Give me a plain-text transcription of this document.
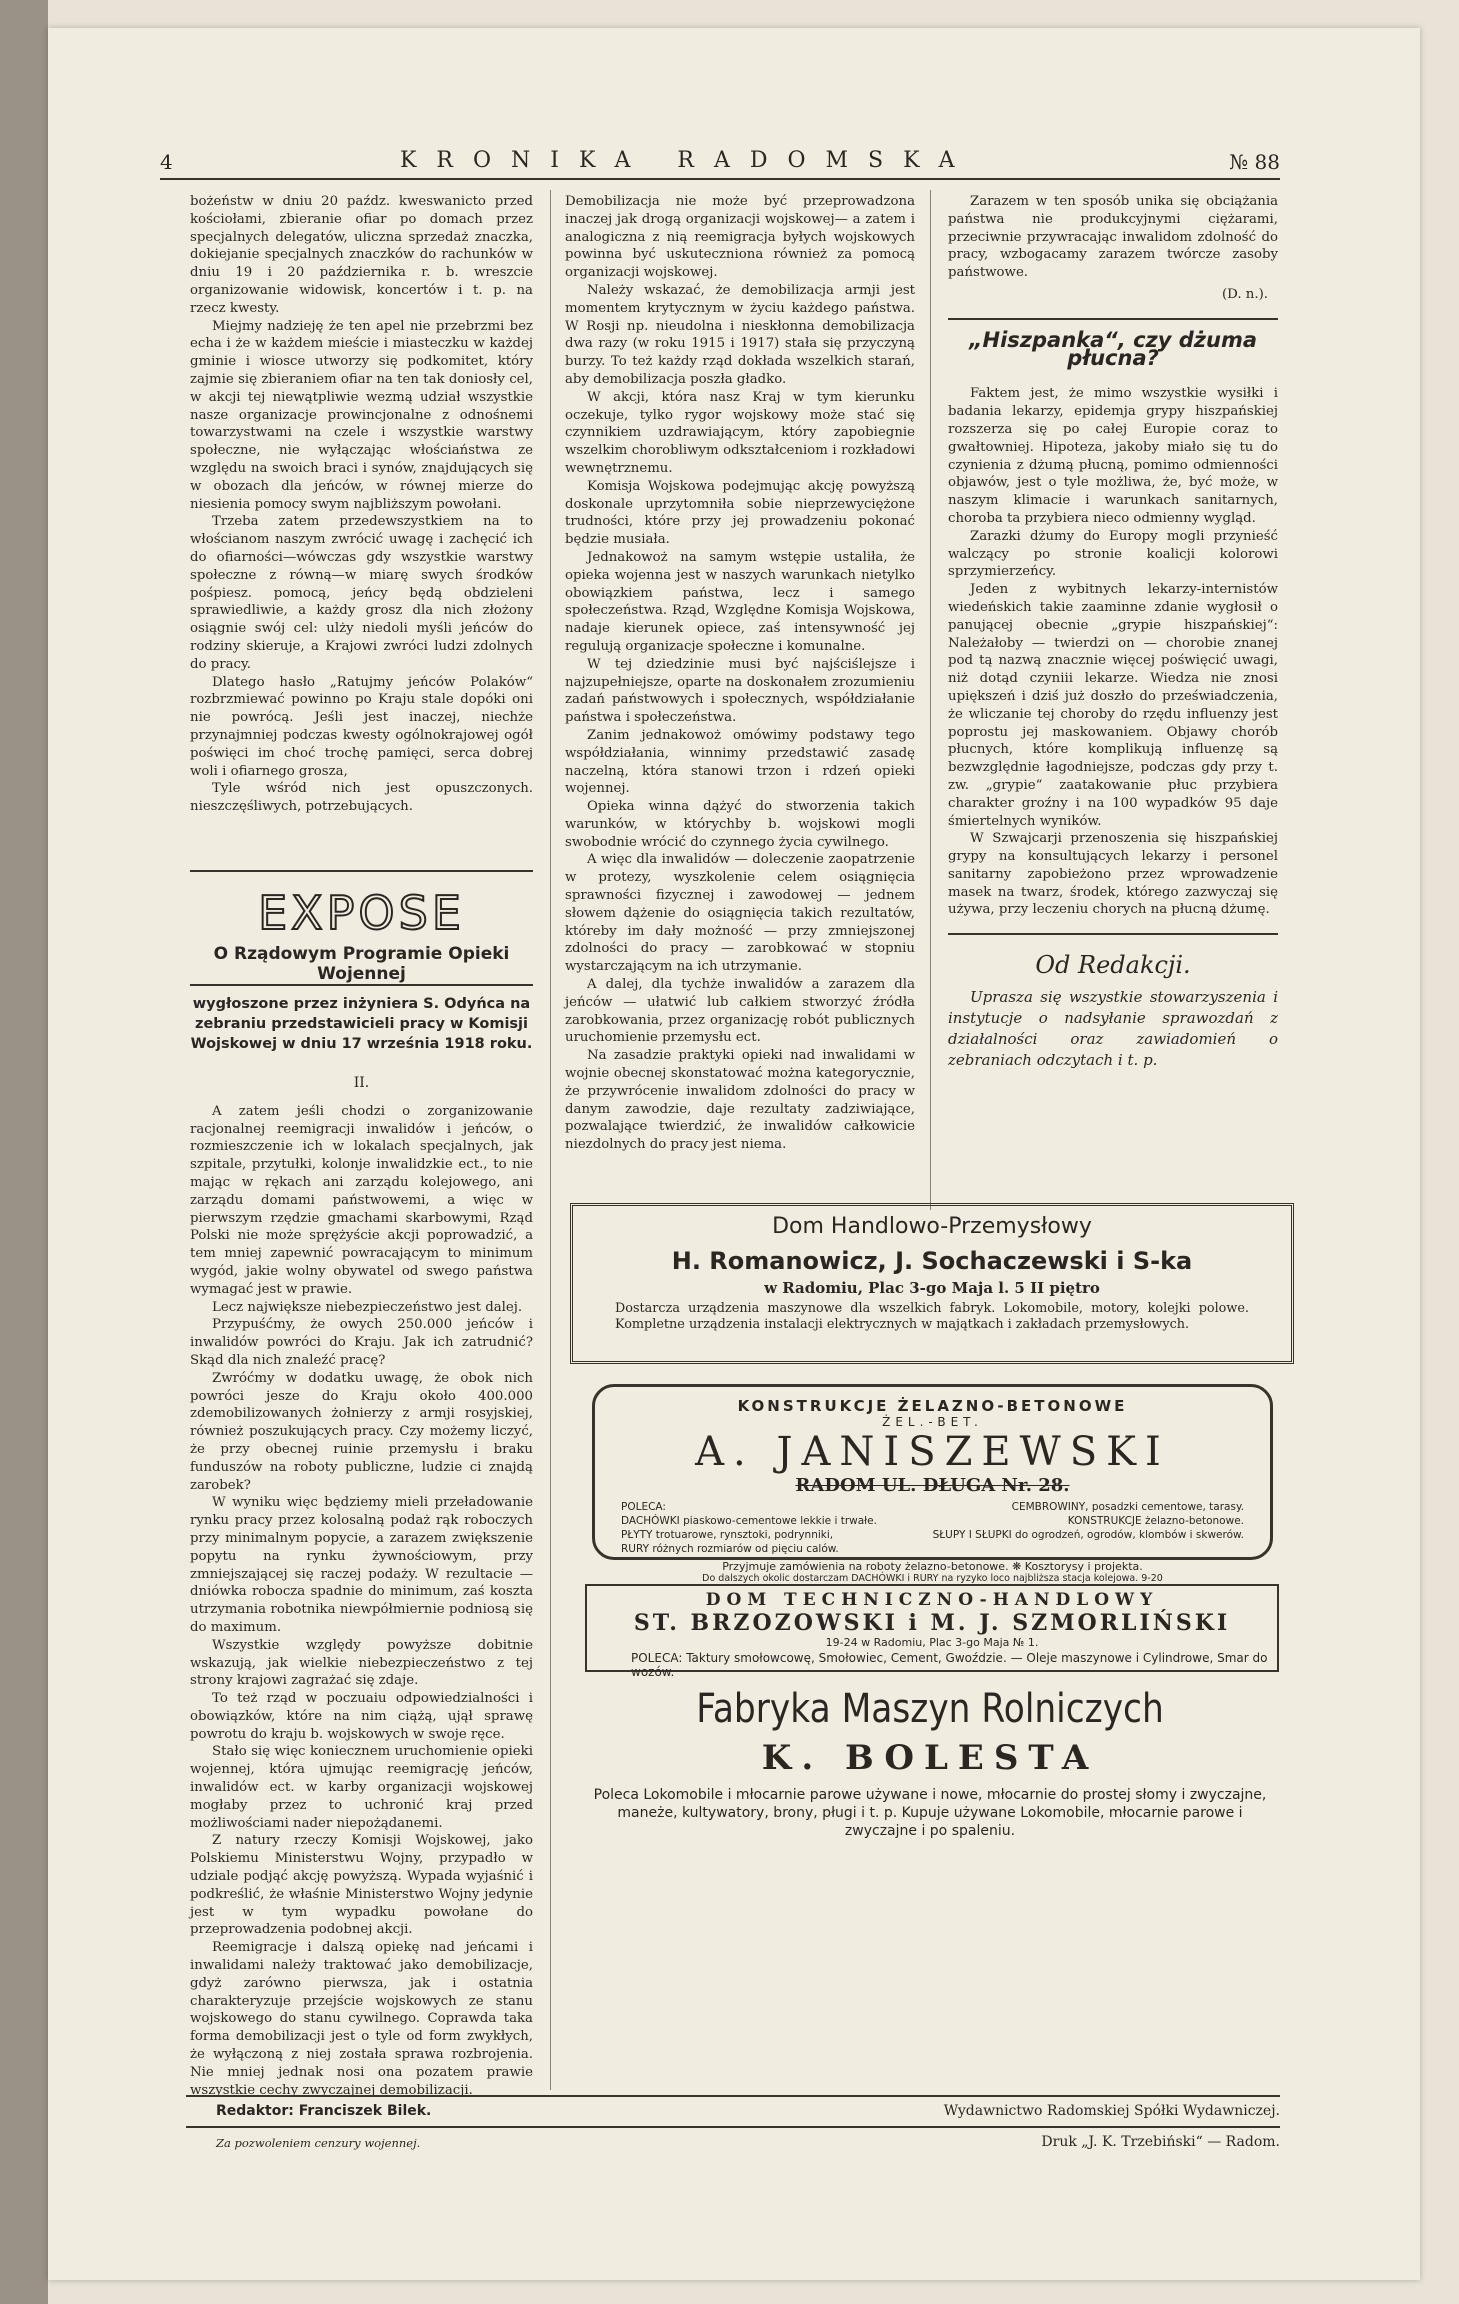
4	KRONIKA RADOMSKA	№ 88

bożeństw w dniu 20 paźdz. kweswanicto przed kościołami, zbieranie ofiar po domach przez specjalnych delegatów, uliczna sprzedaż znaczka, dokiejanie specjalnych znaczków do rachunków w dniu 19 i 20 października r. b. wreszcie organizowanie widowisk, koncertów i t. p. na rzecz kwesty.

Miejmy nadzieję że ten apel nie przebrzmi bez echa i że w każdem mieście i miasteczku w każdej gminie i wiosce utworzy się podkomitet, który zajmie się zbieraniem ofiar na ten tak doniosły cel, w akcji tej niewątpliwie wezmą udział wszystkie nasze organizacje prowincjonalne z odnośnemi towarzystwami na czele i wszystkie warstwy społeczne, nie wyłączając włościaństwa ze względu na swoich braci i synów, znajdujących się w obozach dla jeńców, w równej mierze do niesienia pomocy swym najbliższym powołani.

Trzeba zatem przedewszystkiem na to włościanom naszym zwrócić uwagę i zachęcić ich do ofiarności—wówczas gdy wszystkie warstwy społeczne z równą—w miarę swych środków pośpiesz. pomocą, jeńcy będą obdzieleni sprawiedliwie, a każdy grosz dla nich złożony osiągnie swój cel: ulży niedoli myśli jeńców do rodziny skieruje, a Krajowi zwróci ludzi zdolnych do pracy.

Dlatego hasło „Ratujmy jeńców Polaków“ rozbrzmiewać powinno po Kraju stale dopóki oni nie powrócą. Jeśli jest inaczej, niechże przynajmniej podczas kwesty ogólnokrajowej ogół poświęci im choć trochę pamięci, serca dobrej woli i ofiarnego grosza,

Tyle wśród nich jest opuszczonych. nieszczęśliwych, potrzebujących.

EXPOSE
O Rządowym Programie Opieki Wojennej
wygłoszone przez inżyniera S. Odyńca na zebraniu przedstawicieli pracy w Komisji Wojskowej w dniu 17 września 1918 roku.
II.

A zatem jeśli chodzi o zorganizowanie racjonalnej reemigracji inwalidów i jeńców, o rozmieszczenie ich w lokalach specjalnych, jak szpitale, przytułki, kolonje inwalidzkie ect., to nie mając w rękach ani zarządu kolejowego, ani zarządu domami państwowemi, a więc w pierwszym rzędzie gmachami skarbowymi, Rząd Polski nie może sprężyście akcji poprowadzić, a tem mniej zapewnić powracającym to minimum wygód, jakie wolny obywatel od swego państwa wymagać jest w prawie.

Lecz największe niebezpieczeństwo jest dalej.

Przypuśćmy, że owych 250.000 jeńców i inwalidów powróci do Kraju. Jak ich zatrudnić? Skąd dla nich znaleźć pracę?

Zwróćmy w dodatku uwagę, że obok nich powróci jesze do Kraju około 400.000 zdemobilizowanych żołnierzy z armji rosyjskiej, również poszukujących pracy. Czy możemy liczyć, że przy obecnej ruinie przemysłu i braku funduszów na roboty publiczne, ludzie ci znajdą zarobek?

W wyniku więc będziemy mieli przeładowanie rynku pracy przez kolosalną podaż rąk roboczych przy minimalnym popycie, a zarazem zwiększenie popytu na rynku żywnościowym, przy zmniejszającej się raczej podaży. W rezultacie — dniówka robocza spadnie do minimum, zaś koszta utrzymania robotnika niewpółmiernie podniosą się do maximum.

Wszystkie względy powyższe dobitnie wskazują, jak wielkie niebezpieczeństwo z tej strony krajowi zagrażać się zdaje.

To też rząd w poczuaiu odpowiedzialności i obowiązków, które na nim ciążą, ujął sprawę powrotu do kraju b. wojskowych w swoje ręce.

Stało się więc koniecznem uruchomienie opieki wojennej, która ujmując reemigrację jeńców, inwalidów ect. w karby organizacji wojskowej mogłaby przez to uchronić kraj przed możliwościami nader niepożądanemi.

Z natury rzeczy Komisji Wojskowej, jako Polskiemu Ministerstwu Wojny, przypadło w udziale podjąć akcję powyższą. Wypada wyjaśnić i podkreślić, że właśnie Ministerstwo Wojny jedynie jest w tym wypadku powołane do przeprowadzenia podobnej akcji.

Reemigracje i dalszą opiekę nad jeńcami i inwalidami należy traktować jako demobilizacje, gdyż zarówno pierwsza, jak i ostatnia charakteryzuje przejście wojskowych ze stanu wojskowego do stanu cywilnego. Coprawda taka forma demobilizacji jest o tyle od form zwykłych, że wyłączoną z niej została sprawa rozbrojenia. Nie mniej jednak nosi ona pozatem prawie wszystkie cechy zwyczajnej demobilizacji.

Demobilizacja nie może być przeprowadzona inaczej jak drogą organizacji wojskowej— a zatem i analogiczna z nią reemigracja byłych wojskowych powinna być uskuteczniona również za pomocą organizacji wojskowej.

Należy wskazać, że demobilizacja armji jest momentem krytycznym w życiu każdego państwa. W Rosji np. nieudolna i nieskłonna demobilizacja dwa razy (w roku 1915 i 1917) stała się przyczyną burzy. To też każdy rząd dokłada wszelkich starań, aby demobilizacja poszła gładko.

W akcji, która nasz Kraj w tym kierunku oczekuje, tylko rygor wojskowy może stać się czynnikiem uzdrawiającym, który zapobiegnie wszelkim chorobliwym odkształceniom i rozkładowi wewnętrznemu.

Komisja Wojskowa podejmując akcję powyższą doskonale uprzytomniła sobie nieprzewyciężone trudności, które przy jej prowadzeniu pokonać będzie musiała.

Jednakowoż na samym wstępie ustaliła, że opieka wojenna jest w naszych warunkach nietylko obowiązkiem państwa, lecz i samego społeczeństwa. Rząd, Względne Komisja Wojskowa, nadaje kierunek opiece, zaś intensywność jej regulują organizacje społeczne i komunalne.

W tej dziedzinie musi być najściślejsze i najzupełniejsze, oparte na doskonałem zrozumieniu zadań państwowych i społecznych, współdziałanie państwa i społeczeństwa.

Zanim jednakowoż omówimy podstawy tego współdziałania, winnimy przedstawić zasadę naczelną, która stanowi trzon i rdzeń opieki wojennej.

Opieka winna dążyć do stworzenia takich warunków, w którychby b. wojskowi mogli swobodnie wrócić do czynnego życia cywilnego.

A więc dla inwalidów — doleczenie zaopatrzenie w protezy, wyszkolenie celem osiągnięcia sprawności fizycznej i zawodowej — jednem słowem dążenie do osiągnięcia takich rezultatów, któreby im dały możność — przy zmniejszonej zdolności do pracy — zarobkować w stopniu wystarczającym na ich utrzymanie.

A dalej, dla tychże inwalidów a zarazem dla jeńców — ułatwić lub całkiem stworzyć źródła zarobkowania, przez organizację robót publicznych uruchomienie przemysłu ect.

Na zasadzie praktyki opieki nad inwalidami w wojnie obecnej skonstatować można kategorycznie, że przywrócenie inwalidom zdolności do pracy w danym zawodzie, daje rezultaty zadziwiające, pozwalające twierdzić, że inwalidów całkowicie niezdolnych do pracy jest niema.

Zarazem w ten sposób unika się obciążania państwa nie produkcyjnymi ciężarami, przeciwnie przywracając inwalidom zdolność do pracy, wzbogacamy zarazem twórcze zasoby państwowe.

(D. n.).
„Hiszpanka“, czy dżuma płucna?

Faktem jest, że mimo wszystkie wysiłki i badania lekarzy, epidemja grypy hiszpańskiej rozszerza się po całej Europie coraz to gwałtowniej. Hipoteza, jakoby miało się tu do czynienia z dżumą płucną, pomimo odmienności objawów, jest o tyle możliwa, że, być może, w naszym klimacie i warunkach sanitarnych, choroba ta przybiera nieco odmienny wygląd.

Zarazki dżumy do Europy mogli przynieść walczący po stronie koalicji kolorowi sprzymierzeńcy.

Jeden z wybitnych lekarzy-internistów wiedeńskich takie zaaminne zdanie wygłosił o panującej obecnie „grypie hiszpańskiej“: Należałoby — twierdzi on — chorobie znanej pod tą nazwą znacznie więcej poświęcić uwagi, niż dotąd czyniii lekarze. Wiedza nie znosi upiększeń i dziś już doszło do przeświadczenia, że wliczanie tej choroby do rzędu influenzy jest poprostu jej maskowaniem. Objawy chorób płucnych, które komplikują influenzę są bezwzględnie łagodniejsze, podczas gdy przy t. zw. „grypie“ zaatakowanie płuc przybiera charakter groźny i na 100 wypadków 95 daje śmiertelnych wyników.

W Szwajcarji przenoszenia się hiszpańskiej grypy na konsultujących lekarzy i personel sanitarny zapobieżono przez wprowadzenie masek na twarz, środek, którego zazwyczaj się używa, przy leczeniu chorych na płucną dżumę.

Od Redakcji.

Uprasza się wszystkie stowarzyszenia i instytucje o nadsyłanie sprawozdań z działalności oraz zawiadomień o zebraniach odczytach i t. p.

Dom Handlowo-Przemysłowy
H. Romanowicz, J. Sochaczewski i S-ka
w Radomiu, Plac 3-go Maja l. 5 II piętro
Dostarcza urządzenia maszynowe dla wszelkich fabryk. Lokomobile, motory, kolejki polowe. Kompletne urządzenia instalacji elektrycznych w majątkach i zakładach przemysłowych.
KONSTRUKCJE ŻELAZNO-BETONOWE
ŻEL.-BET.
A. JANISZEWSKI
RADOM UL. DŁUGA Nr. 28.
POLECA:
DACHÓWKI piaskowo-cementowe lekkie i trwałe.
PŁYTY trotuarowe, rynsztoki, podrynniki,
RURY różnych rozmiarów od pięciu calów.
CEMBROWINY, posadzki cementowe, tarasy.
KONSTRUKCJE żelazno-betonowe.
SŁUPY I SŁUPKI do ogrodzeń, ogrodów, klombów i skwerów.
Przyjmuje zamówienia na roboty żelazno-betonowe. ❋ Kosztorysy i projekta.
Do dalszych okolic dostarczam DACHÓWKI i RURY na ryzyko loco najbliższa stacja kolejowa. 9-20
DOM TECHNICZNO-HANDLOWY
ST. BRZOZOWSKI i M. J. SZMORLIŃSKI
19-24 w Radomiu, Plac 3-go Maja № 1.
POLECA: Taktury smołowcowę, Smołowiec, Cement, Gwoździe. — Oleje maszynowe i Cylindrowe, Smar do wozów.
Fabryka Maszyn Rolniczych
K. BOLESTA
Poleca Lokomobile i młocarnie parowe używane i nowe, młocarnie do prostej słomy i zwyczajne, maneże, kultywatory, brony, pługi i t. p. Kupuje używane Lokomobile, młocarnie parowe i zwyczajne i po spaleniu.
Redaktor: Franciszek Bilek.	Wydawnictwo Radomskiej Spółki Wydawniczej.
Za pozwoleniem cenzury wojennej.	Druk „J. K. Trzebiński“ — Radom.
